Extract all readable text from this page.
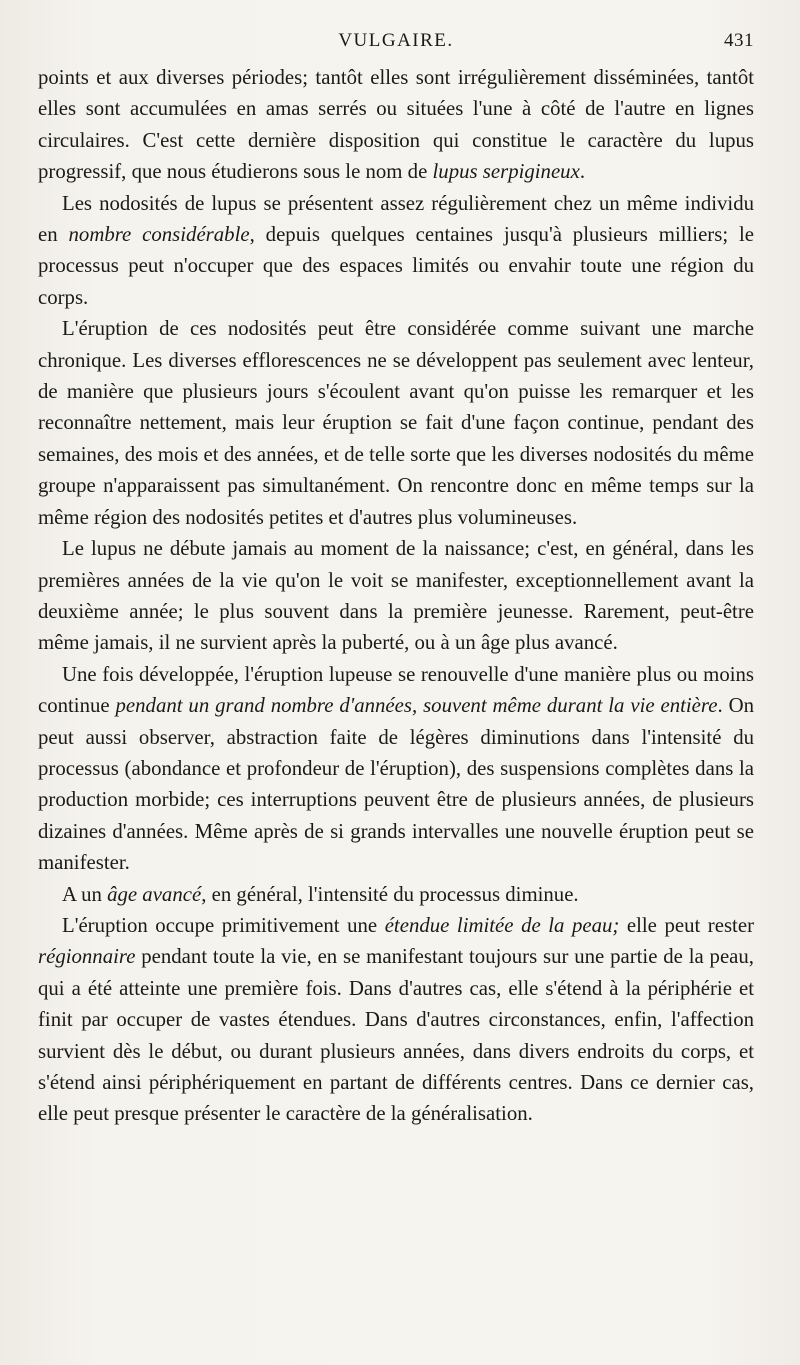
VULGAIRE.	431

points et aux diverses périodes; tantôt elles sont irrégulièrement disséminées, tantôt elles sont accumulées en amas serrés ou situées l'une à côté de l'autre en lignes circulaires. C'est cette dernière disposition qui constitue le caractère du lupus progressif, que nous étudierons sous le nom de lupus serpigineux.

Les nodosités de lupus se présentent assez régulièrement chez un même individu en nombre considérable, depuis quelques centaines jusqu'à plusieurs milliers; le processus peut n'occuper que des espaces limités ou envahir toute une région du corps.

L'éruption de ces nodosités peut être considérée comme suivant une marche chronique. Les diverses efflorescences ne se développent pas seulement avec lenteur, de manière que plusieurs jours s'écoulent avant qu'on puisse les remarquer et les reconnaître nettement, mais leur éruption se fait d'une façon continue, pendant des semaines, des mois et des années, et de telle sorte que les diverses nodosités du même groupe n'apparaissent pas simultanément. On rencontre donc en même temps sur la même région des nodosités petites et d'autres plus volumineuses.

Le lupus ne débute jamais au moment de la naissance; c'est, en général, dans les premières années de la vie qu'on le voit se manifester, exceptionnellement avant la deuxième année; le plus souvent dans la première jeunesse. Rarement, peut-être même jamais, il ne survient après la puberté, ou à un âge plus avancé.

Une fois développée, l'éruption lupeuse se renouvelle d'une manière plus ou moins continue pendant un grand nombre d'années, souvent même durant la vie entière. On peut aussi observer, abstraction faite de légères diminutions dans l'intensité du processus (abondance et profondeur de l'éruption), des suspensions complètes dans la production morbide; ces interruptions peuvent être de plusieurs années, de plusieurs dizaines d'années. Même après de si grands intervalles une nouvelle éruption peut se manifester.

A un âge avancé, en général, l'intensité du processus diminue.

L'éruption occupe primitivement une étendue limitée de la peau; elle peut rester régionnaire pendant toute la vie, en se manifestant toujours sur une partie de la peau, qui a été atteinte une première fois. Dans d'autres cas, elle s'étend à la périphérie et finit par occuper de vastes étendues. Dans d'autres circonstances, enfin, l'affection survient dès le début, ou durant plusieurs années, dans divers endroits du corps, et s'étend ainsi périphériquement en partant de différents centres. Dans ce dernier cas, elle peut presque présenter le caractère de la généralisation.
